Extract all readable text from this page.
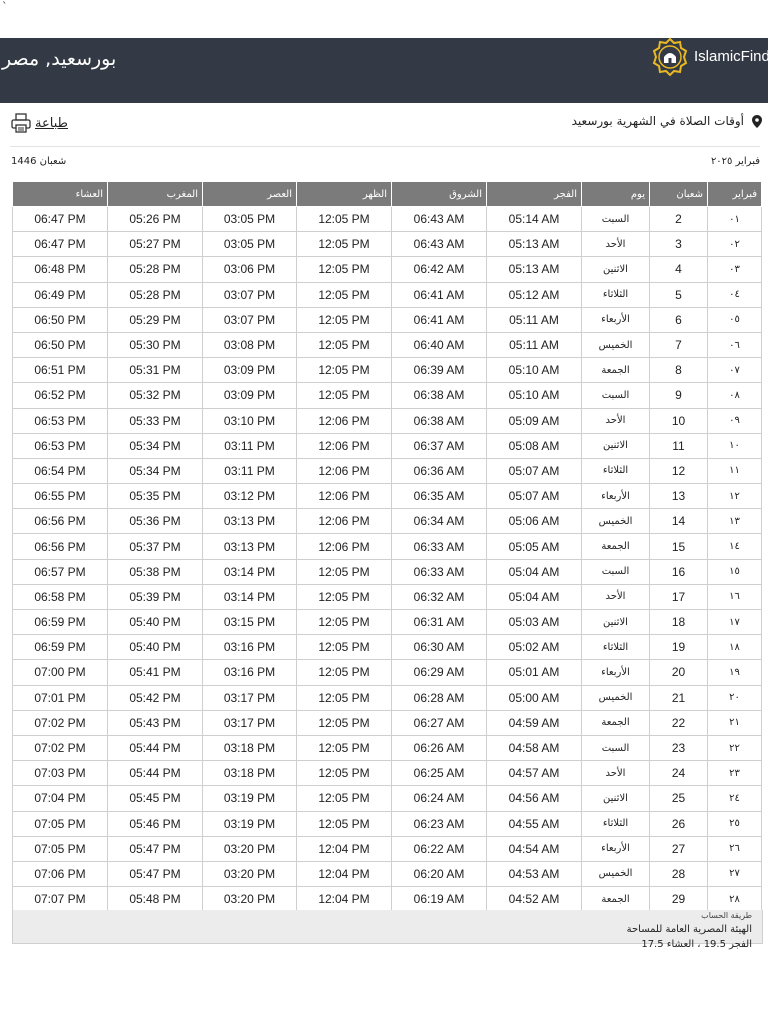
`
بورسعيد, مصر	IslamicFinder
أوقات الصلاة في الشهرية بورسعيد
طباعة
شعبان 1446	فبراير ٢٠٢٥
العشاء	المغرب	العصر	الظهر	الشروق	الفجر	يوم	شعبان	فبراير
06:47 PM	05:26 PM	03:05 PM	12:05 PM	06:43 AM	05:14 AM	السبت	2	٠١
06:47 PM	05:27 PM	03:05 PM	12:05 PM	06:43 AM	05:13 AM	الأحد	3	٠٢
06:48 PM	05:28 PM	03:06 PM	12:05 PM	06:42 AM	05:13 AM	الاثنين	4	٠٣
06:49 PM	05:28 PM	03:07 PM	12:05 PM	06:41 AM	05:12 AM	الثلاثاء	5	٠٤
06:50 PM	05:29 PM	03:07 PM	12:05 PM	06:41 AM	05:11 AM	الأربعاء	6	٠٥
06:50 PM	05:30 PM	03:08 PM	12:05 PM	06:40 AM	05:11 AM	الخميس	7	٠٦
06:51 PM	05:31 PM	03:09 PM	12:05 PM	06:39 AM	05:10 AM	الجمعة	8	٠٧
06:52 PM	05:32 PM	03:09 PM	12:05 PM	06:38 AM	05:10 AM	السبت	9	٠٨
06:53 PM	05:33 PM	03:10 PM	12:06 PM	06:38 AM	05:09 AM	الأحد	10	٠٩
06:53 PM	05:34 PM	03:11 PM	12:06 PM	06:37 AM	05:08 AM	الاثنين	11	١٠
06:54 PM	05:34 PM	03:11 PM	12:06 PM	06:36 AM	05:07 AM	الثلاثاء	12	١١
06:55 PM	05:35 PM	03:12 PM	12:06 PM	06:35 AM	05:07 AM	الأربعاء	13	١٢
06:56 PM	05:36 PM	03:13 PM	12:06 PM	06:34 AM	05:06 AM	الخميس	14	١٣
06:56 PM	05:37 PM	03:13 PM	12:06 PM	06:33 AM	05:05 AM	الجمعة	15	١٤
06:57 PM	05:38 PM	03:14 PM	12:05 PM	06:33 AM	05:04 AM	السبت	16	١٥
06:58 PM	05:39 PM	03:14 PM	12:05 PM	06:32 AM	05:04 AM	الأحد	17	١٦
06:59 PM	05:40 PM	03:15 PM	12:05 PM	06:31 AM	05:03 AM	الاثنين	18	١٧
06:59 PM	05:40 PM	03:16 PM	12:05 PM	06:30 AM	05:02 AM	الثلاثاء	19	١٨
07:00 PM	05:41 PM	03:16 PM	12:05 PM	06:29 AM	05:01 AM	الأربعاء	20	١٩
07:01 PM	05:42 PM	03:17 PM	12:05 PM	06:28 AM	05:00 AM	الخميس	21	٢٠
07:02 PM	05:43 PM	03:17 PM	12:05 PM	06:27 AM	04:59 AM	الجمعة	22	٢١
07:02 PM	05:44 PM	03:18 PM	12:05 PM	06:26 AM	04:58 AM	السبت	23	٢٢
07:03 PM	05:44 PM	03:18 PM	12:05 PM	06:25 AM	04:57 AM	الأحد	24	٢٣
07:04 PM	05:45 PM	03:19 PM	12:05 PM	06:24 AM	04:56 AM	الاثنين	25	٢٤
07:05 PM	05:46 PM	03:19 PM	12:05 PM	06:23 AM	04:55 AM	الثلاثاء	26	٢٥
07:05 PM	05:47 PM	03:20 PM	12:04 PM	06:22 AM	04:54 AM	الأربعاء	27	٢٦
07:06 PM	05:47 PM	03:20 PM	12:04 PM	06:20 AM	04:53 AM	الخميس	28	٢٧
07:07 PM	05:48 PM	03:20 PM	12:04 PM	06:19 AM	04:52 AM	الجمعة	29	٢٨
طريقة الحساب
الهيئة المصرية العامة للمساحة
الفجر 19.5 ، العشاء 17.5
